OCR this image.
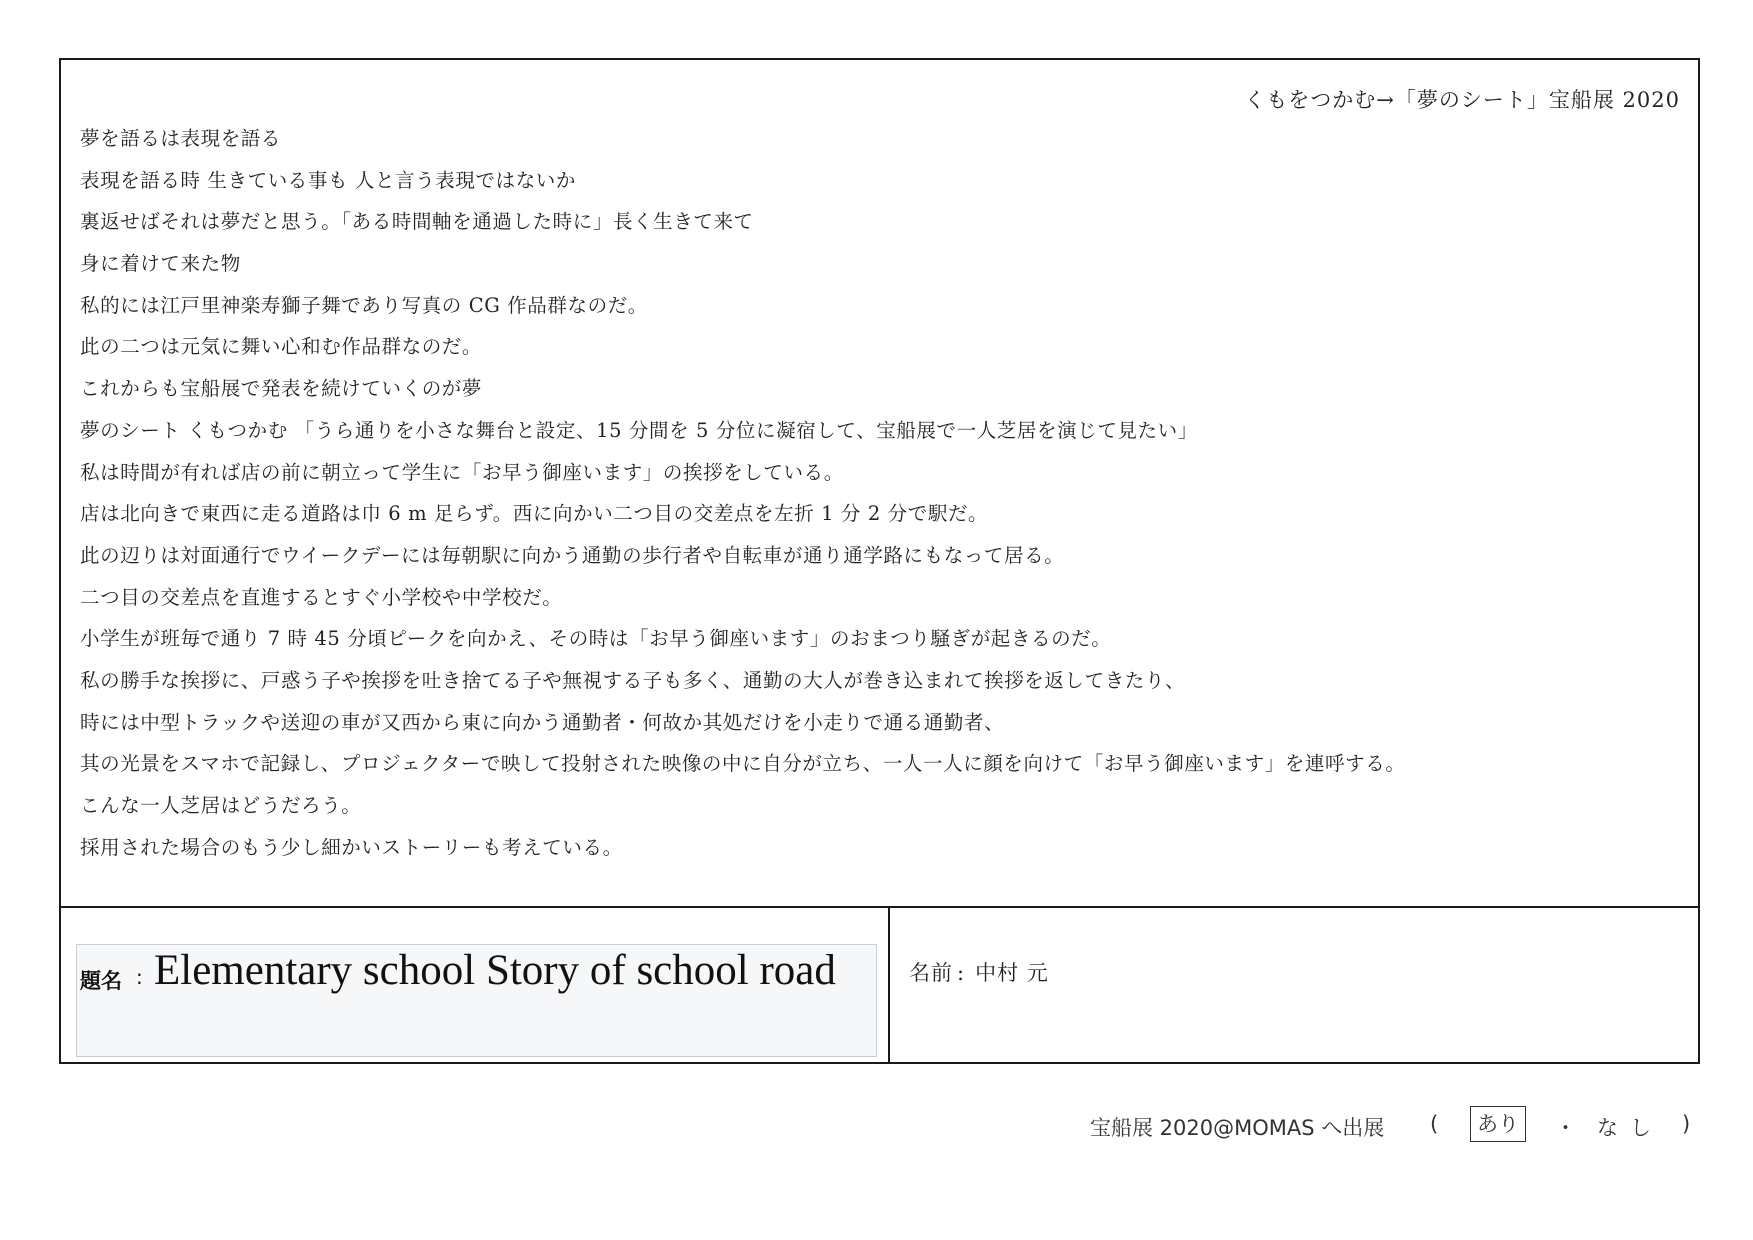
くもをつかむ→「夢のシート」宝船展 2020
夢を語るは表現を語る
表現を語る時 生きている事も 人と言う表現ではないか
裏返せばそれは夢だと思う。「ある時間軸を通過した時に」長く生きて来て
身に着けて来た物
私的には江戸里神楽寿獅子舞であり写真の CG 作品群なのだ。
此の二つは元気に舞い心和む作品群なのだ。
これからも宝船展で発表を続けていくのが夢
夢のシート くもつかむ 「うら通りを小さな舞台と設定、15 分間を 5 分位に凝宿して、宝船展で一人芝居を演じて見たい」
私は時間が有れば店の前に朝立って学生に「お早う御座います」の挨拶をしている。
店は北向きで東西に走る道路は巾 6 m 足らず。西に向かい二つ目の交差点を左折 1 分 2 分で駅だ。
此の辺りは対面通行でウイークデーには毎朝駅に向かう通勤の歩行者や自転車が通り通学路にもなって居る。
二つ目の交差点を直進するとすぐ小学校や中学校だ。
小学生が班毎で通り 7 時 45 分頃ピークを向かえ、その時は「お早う御座います」のおまつり騒ぎが起きるのだ。
私の勝手な挨拶に、戸惑う子や挨拶を吐き捨てる子や無視する子も多く、通勤の大人が巻き込まれて挨拶を返してきたり、
時には中型トラックや送迎の車が又西から東に向かう通勤者・何故か其処だけを小走りで通る通勤者、
其の光景をスマホで記録し、プロジェクターで映して投射された映像の中に自分が立ち、一人一人に顔を向けて「お早う御座います」を連呼する。
こんな一人芝居はどうだろう。
採用された場合のもう少し細かいストーリーも考えている。
題名 : Elementary school Story of school road	名前 : 中村 元
宝船展 2020@MOMAS へ出展 (	あり	・ なし )
